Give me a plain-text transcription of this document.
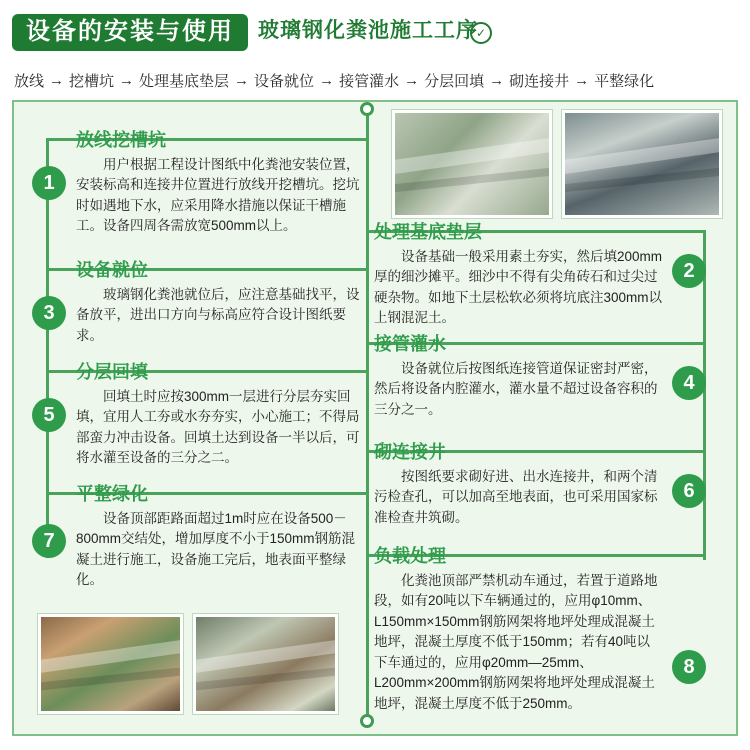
设备的安装与使用	玻璃钢化粪池施工工序
✓
放线 → 挖槽坑 → 处理基底垫层 → 设备就位 → 接管灌水 → 分层回填 → 砌连接井 → 平整绿化
1
放线挖槽坑
用户根据工程设计图纸中化粪池安装位置，安装标高和连接井位置进行放线开挖槽坑。挖坑时如遇地下水，应采用降水措施以保证干槽施工。设备四周各需放宽500mm以上。
3
设备就位
玻璃钢化粪池就位后，应注意基础找平，设备放平，进出口方向与标高应符合设计图纸要求。
5
分层回填
回填土时应按300mm一层进行分层夯实回填，宜用人工夯或水夯夯实，小心施工；不得局部蛮力冲击设备。回填土达到设备一半以后，可将水灌至设备的三分之二。
7
平整绿化
设备顶部距路面超过1m时应在设备500－800mm交结处，增加厚度不小于150mm钢筋混凝土进行施工，设备施工完后，地表面平整绿化。
2
处理基底垫层
设备基础一般采用素土夯实，然后填200mm厚的细沙摊平。细沙中不得有尖角砖石和过尖过硬杂物。如地下土层松软必须将坑底注300mm以上钢混泥土。
4
接管灌水
设备就位后按图纸连接管道保证密封严密，然后将设备内腔灌水，灌水量不超过设备容积的三分之一。
6
砌连接井
按图纸要求砌好进、出水连接井，和两个清污检查孔，可以加高至地表面，也可采用国家标准检查井筑砌。
8
负载处理
化粪池顶部严禁机动车通过，若置于道路地段，如有20吨以下车辆通过的，应用φ10mm、L150mm×150mm钢筋网架将地坪处理成混凝土地坪，混凝土厚度不低于150mm；若有40吨以下车通过的，应用φ20mm—25mm、L200mm×200mm钢筋网架将地坪处理成混凝土地坪，混凝土厚度不低于250mm。
